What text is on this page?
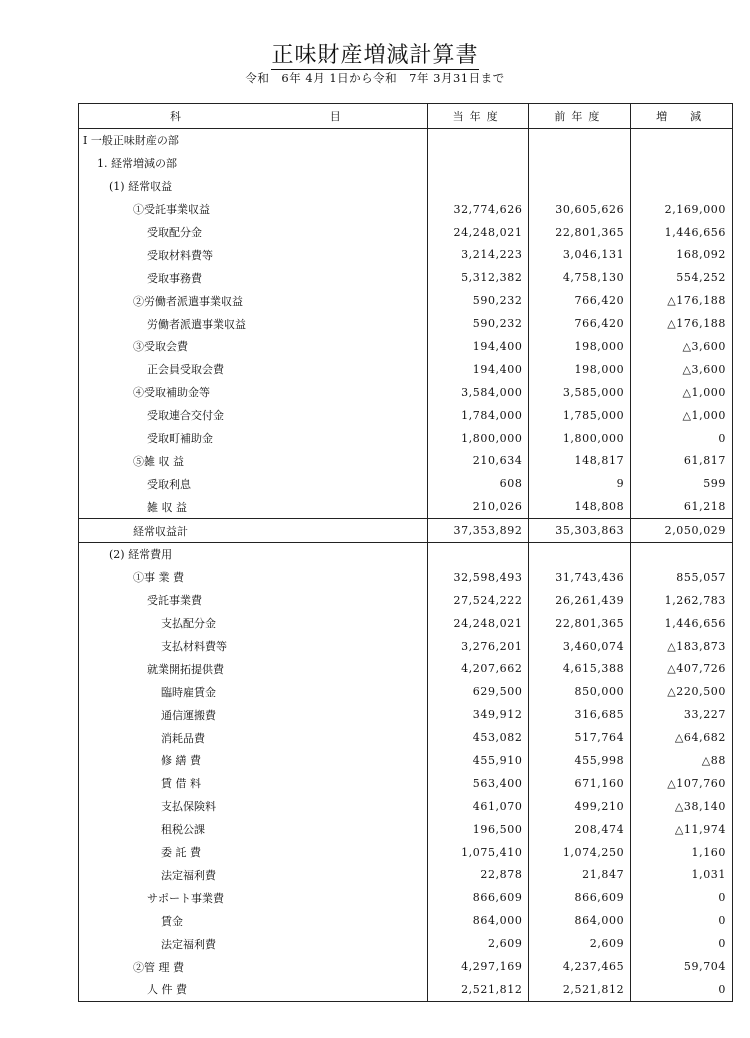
正味財産増減計算書
令和　6年 4月 1日から令和　7年 3月31日まで
科 目	当年度	前年度	増　減
Ⅰ 一般正味財産の部			
1. 経常増減の部			
(1) 経常収益			
①受託事業収益	32,774,626	30,605,626	2,169,000
受取配分金	24,248,021	22,801,365	1,446,656
受取材料費等	3,214,223	3,046,131	168,092
受取事務費	5,312,382	4,758,130	554,252
②労働者派遣事業収益	590,232	766,420	△176,188
労働者派遣事業収益	590,232	766,420	△176,188
③受取会費	194,400	198,000	△3,600
正会員受取会費	194,400	198,000	△3,600
④受取補助金等	3,584,000	3,585,000	△1,000
受取連合交付金	1,784,000	1,785,000	△1,000
受取町補助金	1,800,000	1,800,000	0
⑤雑 収 益	210,634	148,817	61,817
受取利息	608	9	599
雑 収 益	210,026	148,808	61,218
経常収益計	37,353,892	35,303,863	2,050,029
(2) 経常費用			
①事 業 費	32,598,493	31,743,436	855,057
受託事業費	27,524,222	26,261,439	1,262,783
支払配分金	24,248,021	22,801,365	1,446,656
支払材料費等	3,276,201	3,460,074	△183,873
就業開拓提供費	4,207,662	4,615,388	△407,726
臨時雇賃金	629,500	850,000	△220,500
通信運搬費	349,912	316,685	33,227
消耗品費	453,082	517,764	△64,682
修 繕 費	455,910	455,998	△88
賃 借 料	563,400	671,160	△107,760
支払保険料	461,070	499,210	△38,140
租税公課	196,500	208,474	△11,974
委 託 費	1,075,410	1,074,250	1,160
法定福利費	22,878	21,847	1,031
サポート事業費	866,609	866,609	0
賃金	864,000	864,000	0
法定福利費	2,609	2,609	0
②管 理 費	4,297,169	4,237,465	59,704
人 件 費	2,521,812	2,521,812	0
